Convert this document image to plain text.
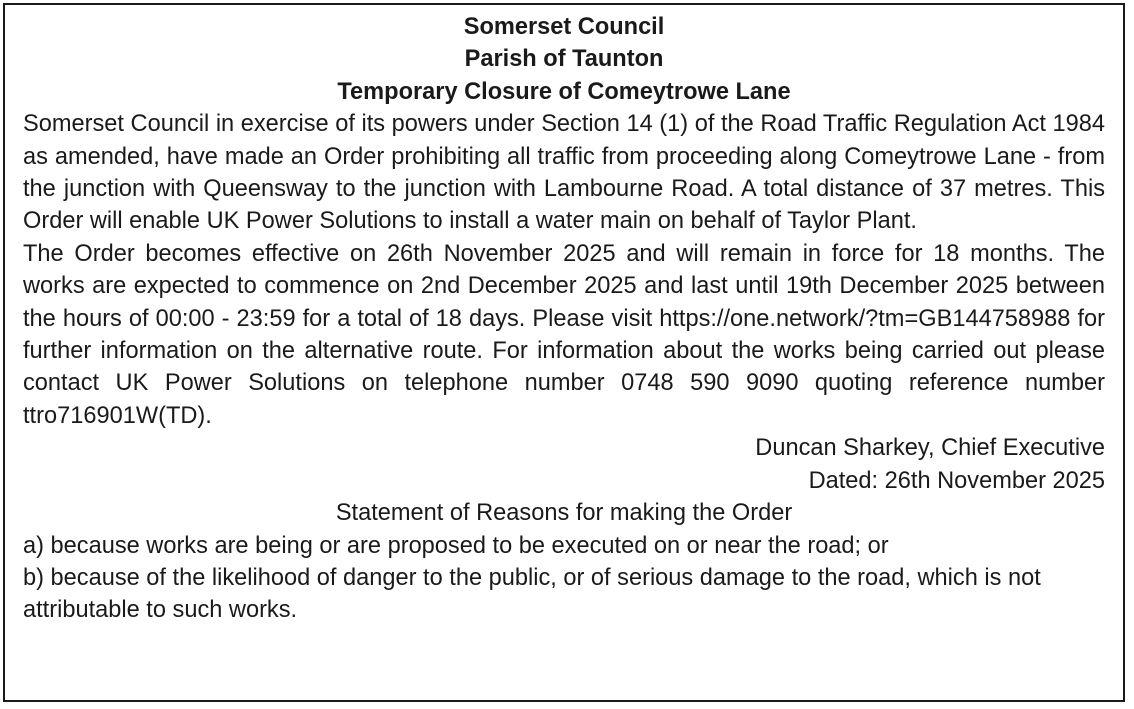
Somerset Council
Parish of Taunton
Temporary Closure of Comeytrowe Lane

Somerset Council in exercise of its powers under Section 14 (1) of the Road Traffic Regulation Act 1984 as amended, have made an Order prohibiting all traffic from proceeding along Comeytrowe Lane - from the junction with Queensway to the junction with Lambourne Road. A total distance of 37 metres. This Order will enable UK Power Solutions to install a water main on behalf of Taylor Plant.

The Order becomes effective on 26th November 2025 and will remain in force for 18 months. The works are expected to commence on 2nd December 2025 and last until 19th December 2025 between the hours of 00:00 - 23:59 for a total of 18 days. Please visit https://one.network/?tm=GB144758988 for further information on the alternative route. For information about the works being carried out please contact UK Power Solutions on telephone number 0748 590 9090 quoting reference number ttro716901W(TD).

Duncan Sharkey, Chief Executive
Dated: 26th November 2025
Statement of Reasons for making the Order

a) because works are being or are proposed to be executed on or near the road; or

b) because of the likelihood of danger to the public, or of serious damage to the road, which is not attributable to such works.
